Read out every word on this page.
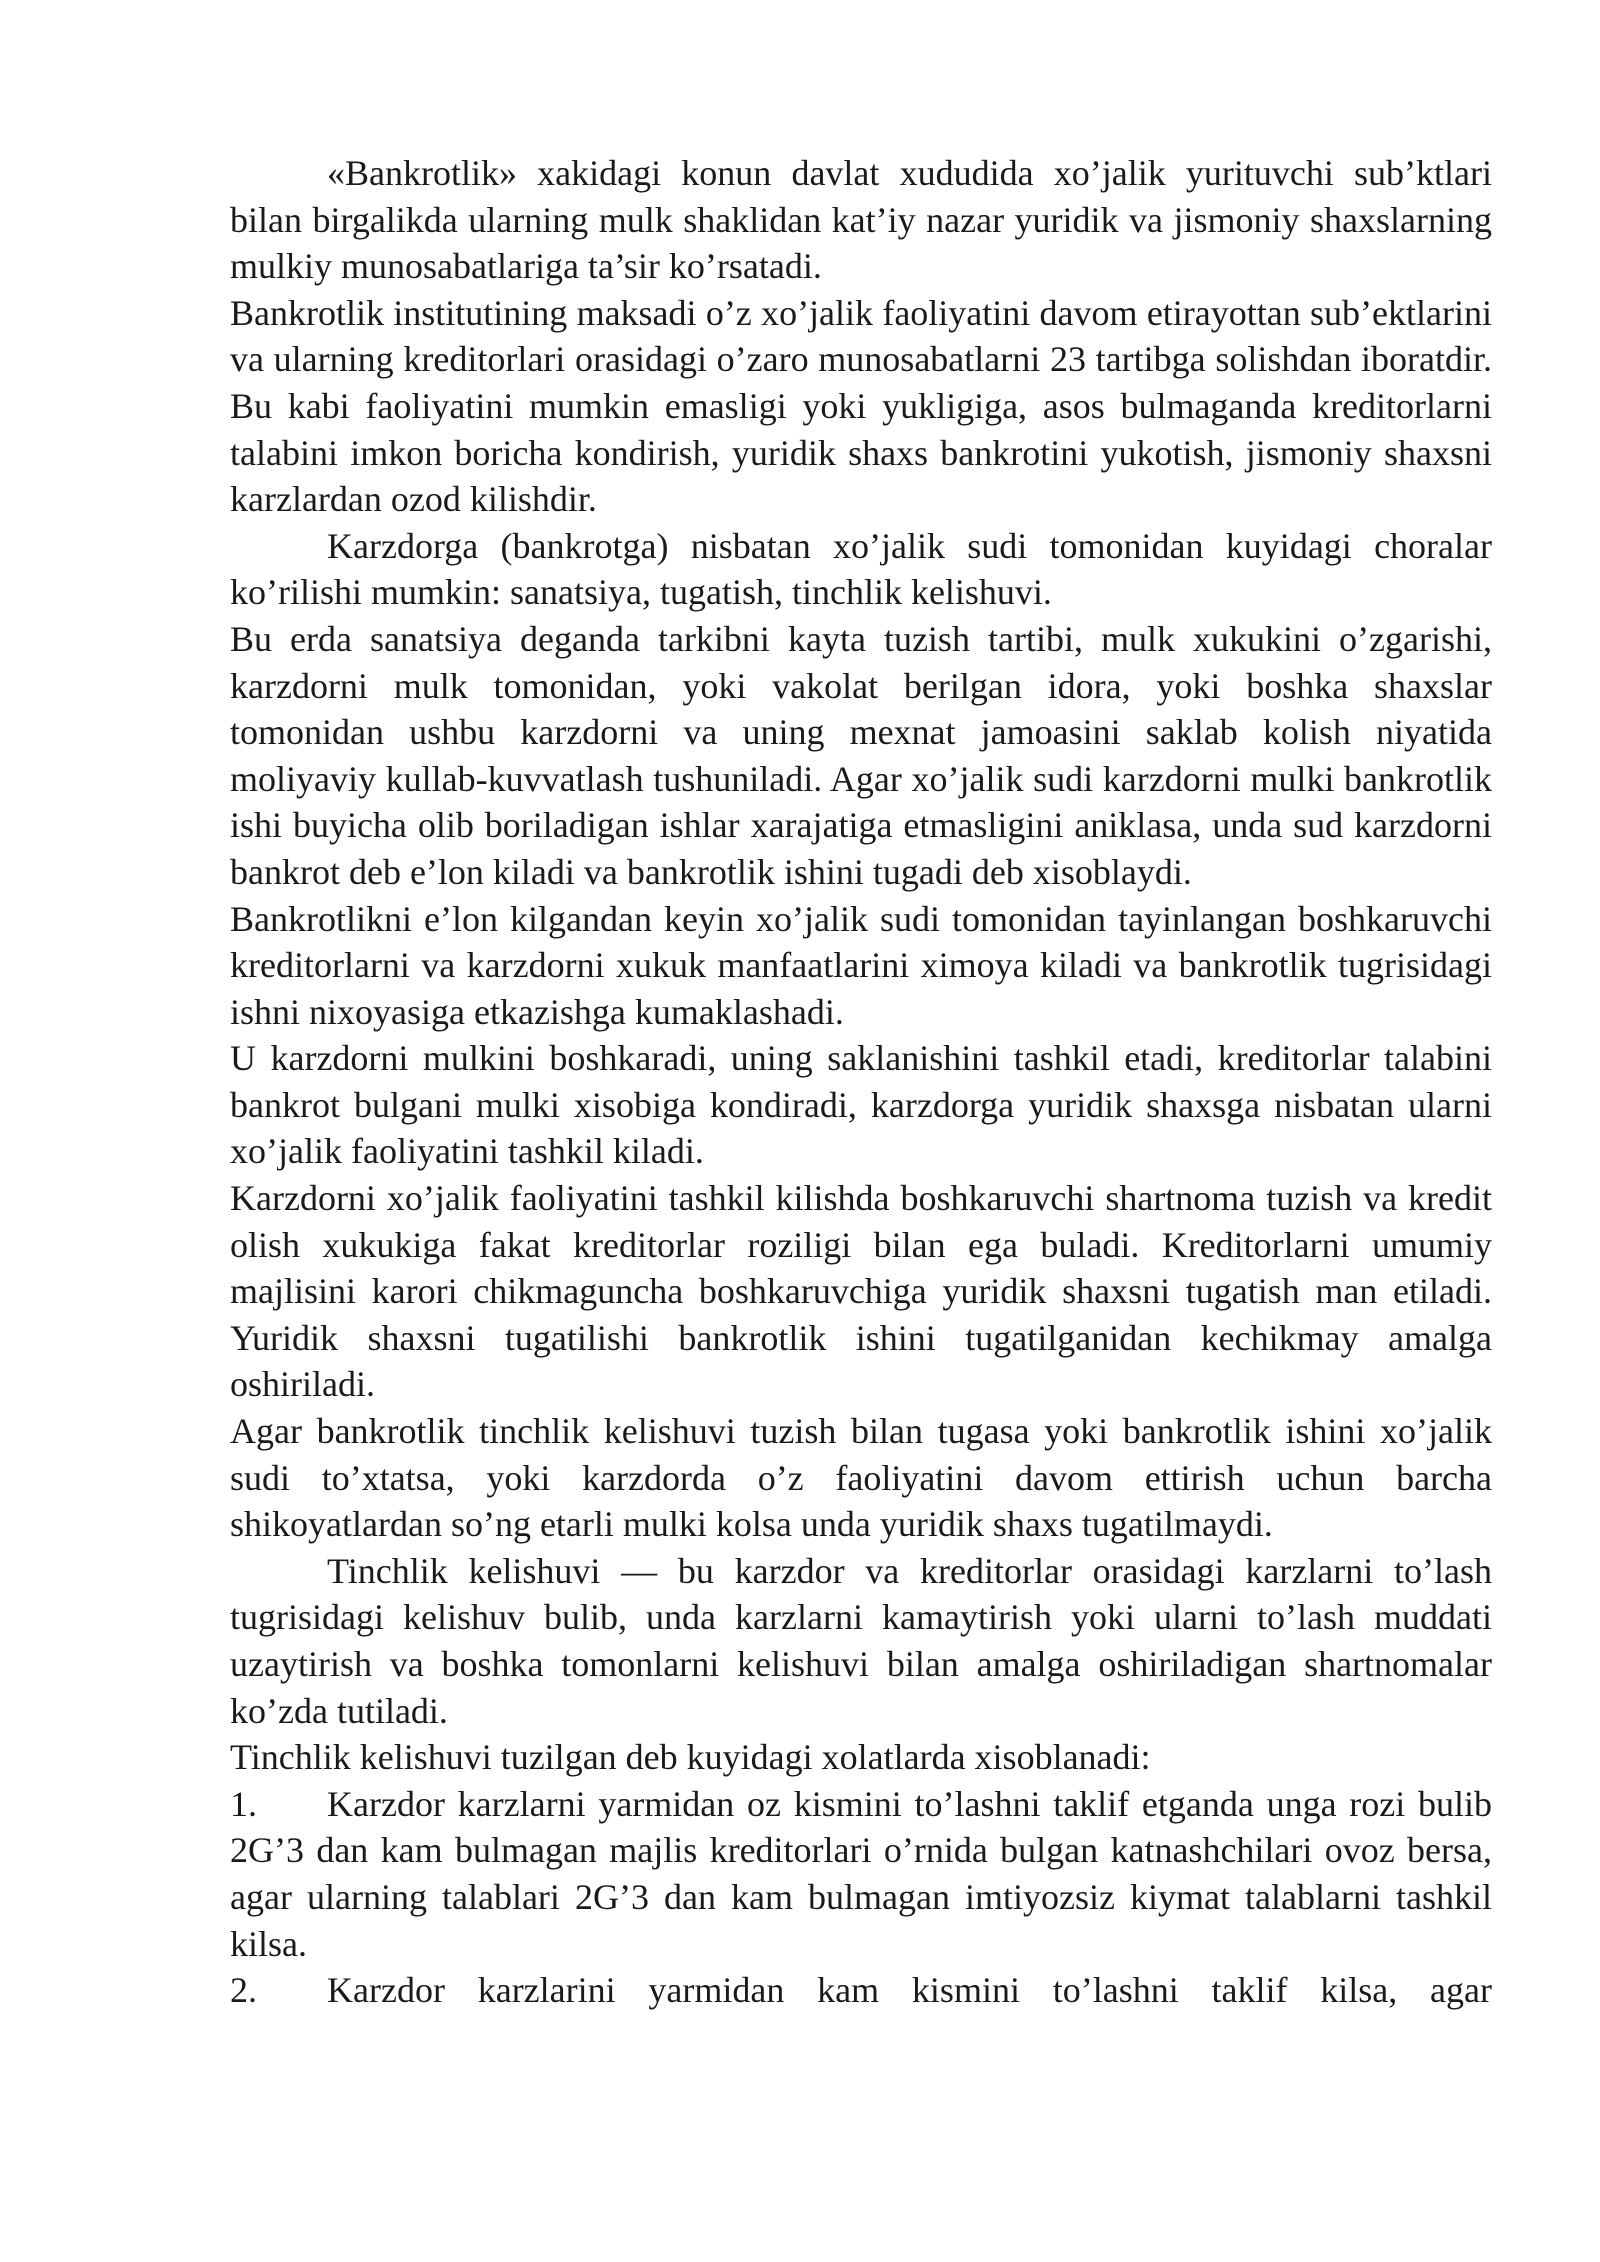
«Bankrotlik» xakidagi konun davlat xududida xo’jalik yurituvchi sub’ktlari bilan birgalikda ularning mulk shaklidan kat’iy nazar yuridik va jismoniy shaxslarning mulkiy munosabatlariga ta’sir ko’rsatadi.

Bankrotlik institutining maksadi o’z xo’jalik faoliyatini davom etirayottan sub’ektlarini va ularning kreditorlari orasidagi o’zaro munosabatlarni 23 tartibga solishdan iboratdir. Bu kabi faoliyatini mumkin emasligi yoki yukligiga, asos bulmaganda kreditorlarni talabini imkon boricha kondirish, yuridik shaxs bankrotini yukotish, jismoniy shaxsni karzlardan ozod kilishdir.

Karzdorga (bankrotga) nisbatan xo’jalik sudi tomonidan kuyidagi choralar ko’rilishi mumkin: sanatsiya, tugatish, tinchlik kelishuvi.

Bu erda sanatsiya deganda tarkibni kayta tuzish tartibi, mulk xukukini o’zgarishi, karzdorni mulk tomonidan, yoki vakolat berilgan idora, yoki boshka shaxslar tomonidan ushbu karzdorni va uning mexnat jamoasini saklab kolish niyatida moliyaviy kullab-kuvvatlash tushuniladi. Agar xo’jalik sudi karzdorni mulki bankrotlik ishi buyicha olib boriladigan ishlar xarajatiga etmasligini aniklasa, unda sud karzdorni bankrot deb e’lon kiladi va bankrotlik ishini tugadi deb xisoblaydi.

Bankrotlikni e’lon kilgandan keyin xo’jalik sudi tomonidan tayinlangan boshkaruvchi kreditorlarni va karzdorni xukuk manfaatlarini ximoya kiladi va bankrotlik tugrisidagi ishni nixoyasiga etkazishga kumaklashadi.

U karzdorni mulkini boshkaradi, uning saklanishini tashkil etadi, kreditorlar talabini bankrot bulgani mulki xisobiga kondiradi, karzdorga yuridik shaxsga nisbatan ularni xo’jalik faoliyatini tashkil kiladi.

Karzdorni xo’jalik faoliyatini tashkil kilishda boshkaruvchi shartnoma tuzish va kredit olish xukukiga fakat kreditorlar roziligi bilan ega buladi. Kreditorlarni umumiy majlisini karori chikmaguncha boshkaruvchiga yuridik shaxsni tugatish man etiladi. Yuridik shaxsni tugatilishi bankrotlik ishini tugatilganidan kechikmay amalga oshiriladi.

Agar bankrotlik tinchlik kelishuvi tuzish bilan tugasa yoki bankrotlik ishini xo’jalik sudi to’xtatsa, yoki karzdorda o’z faoliyatini davom ettirish uchun barcha shikoyatlardan so’ng etarli mulki kolsa unda yuridik shaxs tugatilmaydi.

Tinchlik kelishuvi — bu karzdor va kreditorlar orasidagi karzlarni to’lash tugrisidagi kelishuv bulib, unda karzlarni kamaytirish yoki ularni to’lash muddati uzaytirish va boshka tomonlarni kelishuvi bilan amalga oshiriladigan shartnomalar ko’zda tutiladi.

Tinchlik kelishuvi tuzilgan deb kuyidagi xolatlarda xisoblanadi:

1. Karzdor karzlarni yarmidan oz kismini to’lashni taklif etganda unga rozi bulib 2G’3 dan kam bulmagan majlis kreditorlari o’rnida bulgan katnashchilari ovoz bersa, agar ularning talablari 2G’3 dan kam bulmagan imtiyozsiz kiymat talablarni tashkil kilsa.

2. Karzdor karzlarini yarmidan kam kismini to’lashni taklif kilsa, agar
